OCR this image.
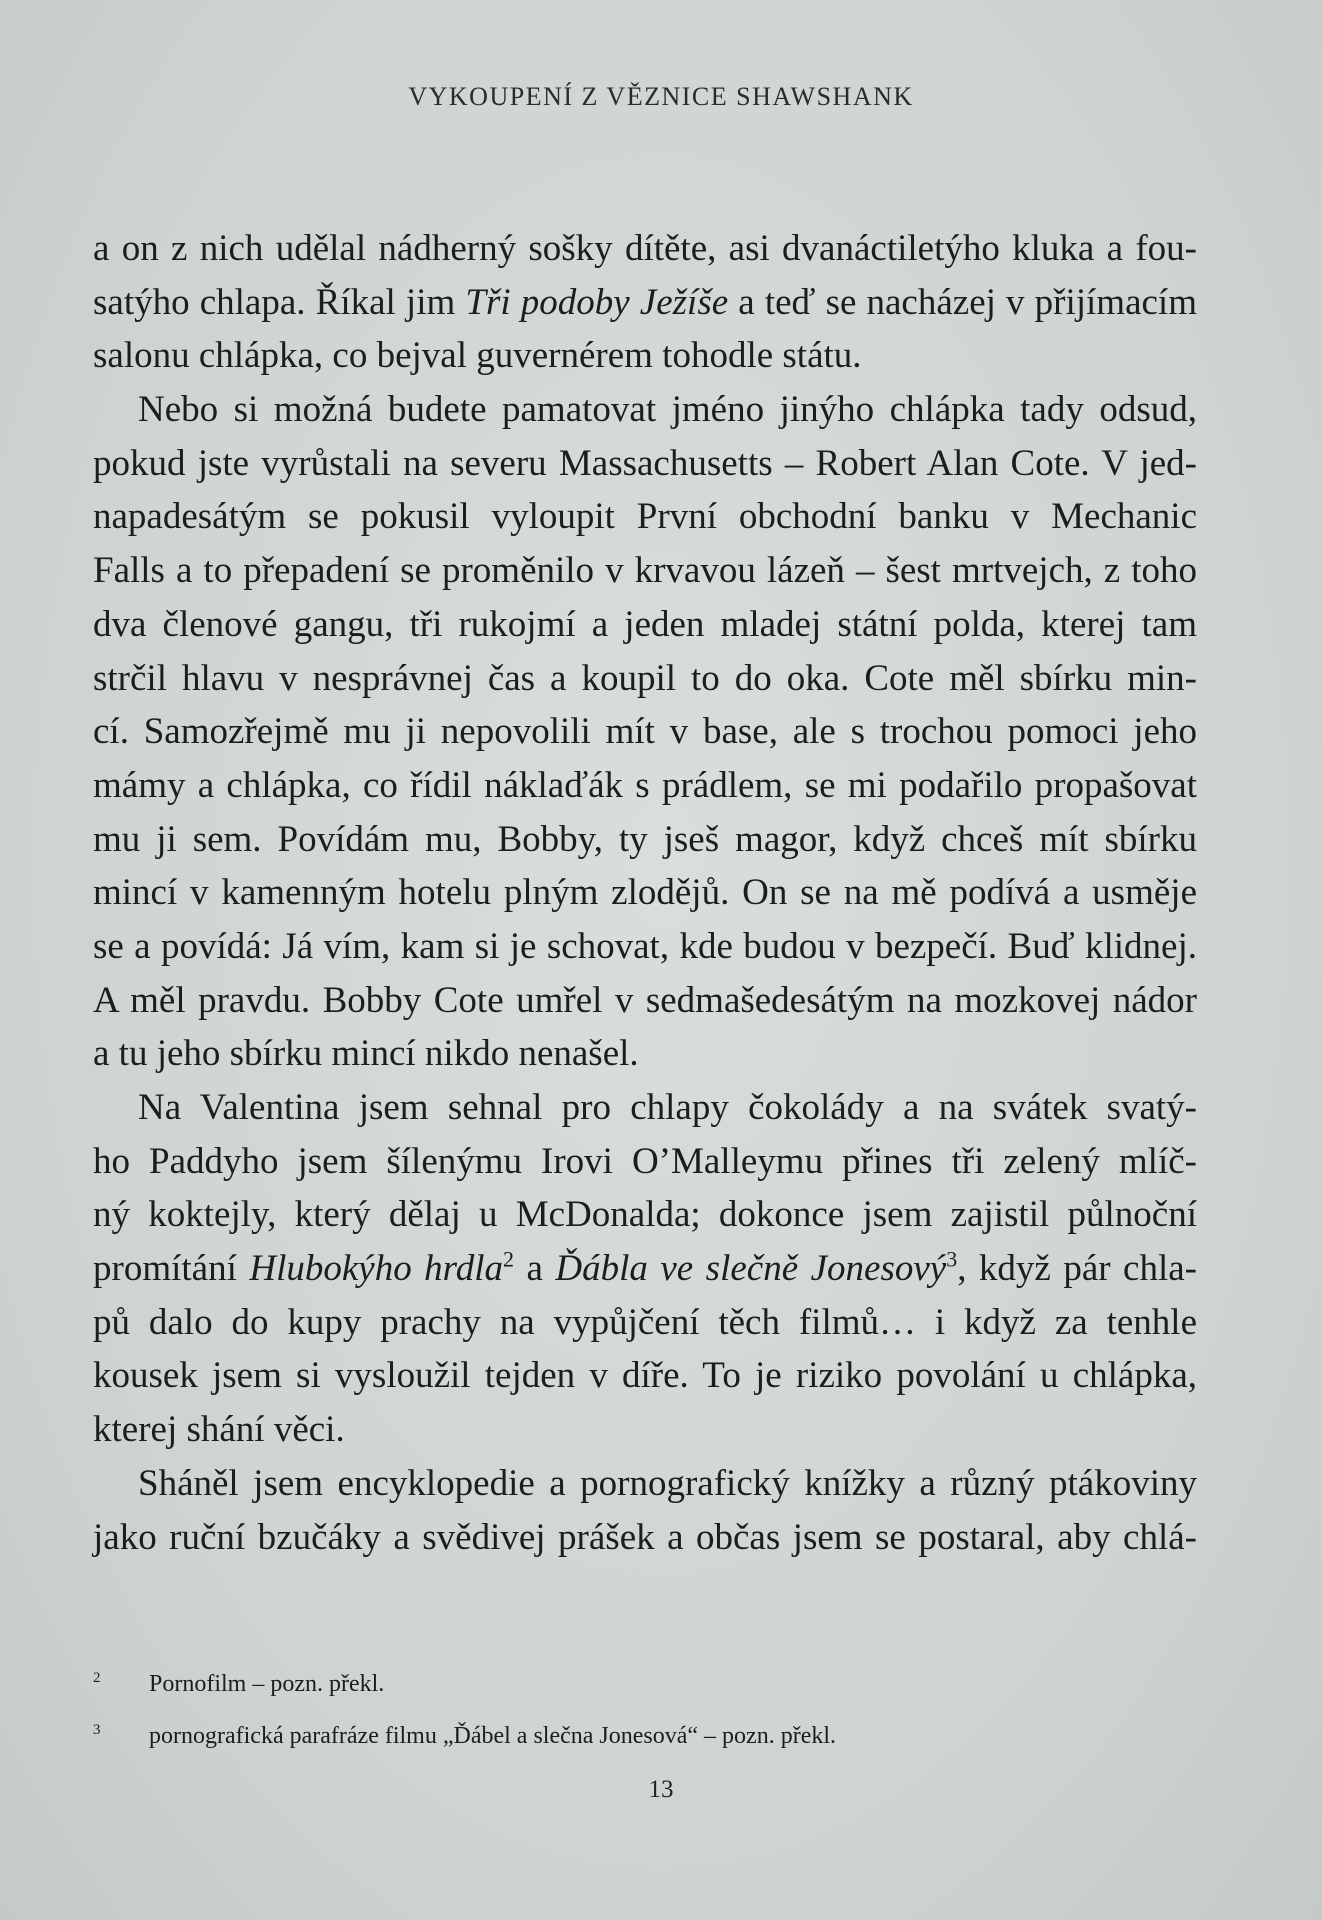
VYKOUPENÍ Z VĚZNICE SHAWSHANK
a on z nich udělal nádherný sošky dítěte, asi dvanáctiletýho kluka a fou-
satýho chlapa. Říkal jim Tři podoby Ježíše a teď se nacházej v přijímacím
salonu chlápka, co bejval guvernérem tohodle státu.
Nebo si možná budete pamatovat jméno jinýho chlápka tady odsud,
pokud jste vyrůstali na severu Massachusetts – Robert Alan Cote. V jed-
napadesátým se pokusil vyloupit První obchodní banku v Mechanic
Falls a to přepadení se proměnilo v krvavou lázeň – šest mrtvejch, z toho
dva členové gangu, tři rukojmí a jeden mladej státní polda, kterej tam
strčil hlavu v nesprávnej čas a koupil to do oka. Cote měl sbírku min-
cí. Samozřejmě mu ji nepovolili mít v base, ale s trochou pomoci jeho
mámy a chlápka, co řídil náklaďák s prádlem, se mi podařilo propašovat
mu ji sem. Povídám mu, Bobby, ty jseš magor, když chceš mít sbírku
mincí v kamenným hotelu plným zlodějů. On se na mě podívá a usměje
se a povídá: Já vím, kam si je schovat, kde budou v bezpečí. Buď klidnej.
A měl pravdu. Bobby Cote umřel v sedmašedesátým na mozkovej nádor
a tu jeho sbírku mincí nikdo nenašel.
Na Valentina jsem sehnal pro chlapy čokolády a na svátek svatý-
ho Paddyho jsem šílenýmu Irovi O’Malleymu přines tři zelený mlíč-
ný koktejly, který dělaj u McDonalda; dokonce jsem zajistil půlnoční
promítání Hlubokýho hrdla$^2$ a Ďábla ve slečně Jonesový$^3$, když pár chla-
pů dalo do kupy prachy na vypůjčení těch filmů… i když za tenhle
kousek jsem si vysloužil tejden v díře. To je riziko povolání u chlápka,
kterej shání věci.
Sháněl jsem encyklopedie a pornografický knížky a různý ptákoviny
jako ruční bzučáky a svědivej prášek a občas jsem se postaral, aby chlá-
2 Pornofilm – pozn. překl.
3 pornografická parafráze filmu „Ďábel a slečna Jonesová“ – pozn. překl.
13
